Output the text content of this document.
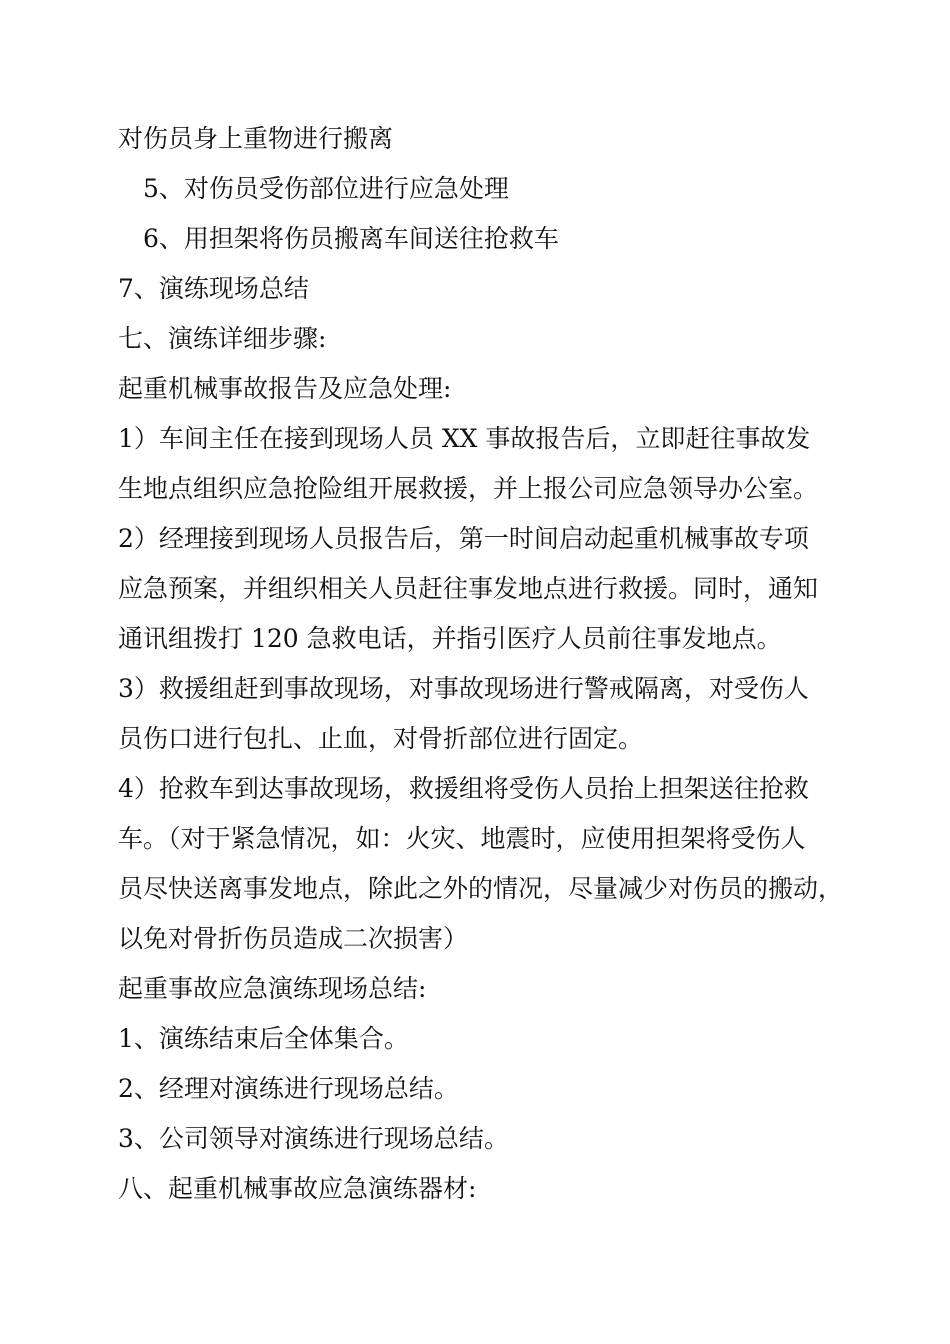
对伤员身上重物进行搬离
5、对伤员受伤部位进行应急处理
6、用担架将伤员搬离车间送往抢救车
7、演练现场总结
七、演练详细步骤:
起重机械事故报告及应急处理:
1）车间主任在接到现场人员 XX 事故报告后，立即赶往事故发
生地点组织应急抢险组开展救援，并上报公司应急领导办公室。
2）经理接到现场人员报告后，第一时间启动起重机械事故专项
应急预案，并组织相关人员赶往事发地点进行救援。同时，通知
通讯组拨打 120 急救电话，并指引医疗人员前往事发地点。
3）救援组赶到事故现场，对事故现场进行警戒隔离，对受伤人
员伤口进行包扎、止血，对骨折部位进行固定。
4）抢救车到达事故现场，救援组将受伤人员抬上担架送往抢救
车。（对于紧急情况，如：火灾、地震时，应使用担架将受伤人
员尽快送离事发地点，除此之外的情况，尽量减少对伤员的搬动，
以免对骨折伤员造成二次损害）
起重事故应急演练现场总结:
1、演练结束后全体集合。
2、经理对演练进行现场总结。
3、公司领导对演练进行现场总结。
八、起重机械事故应急演练器材:
